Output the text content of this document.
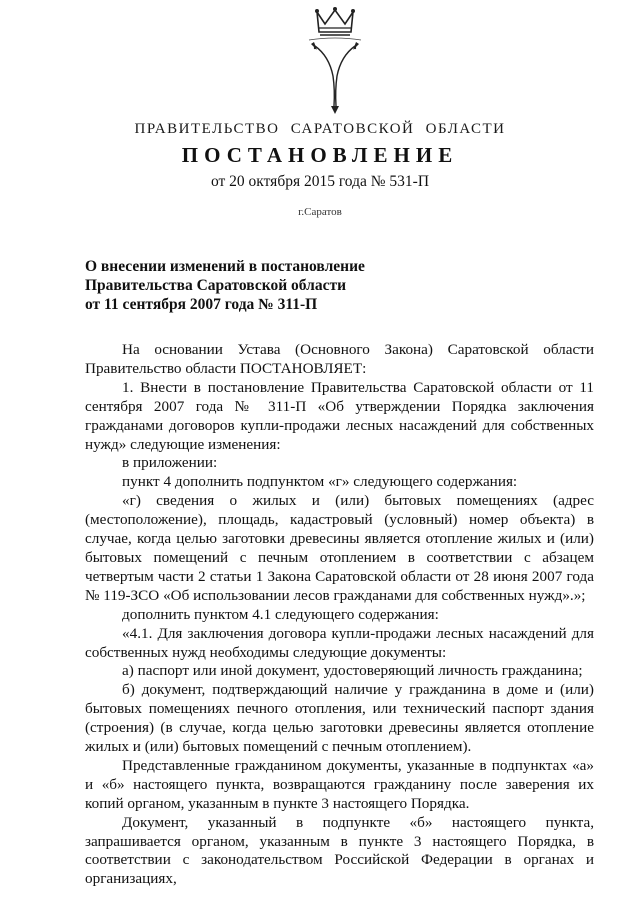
ПРАВИТЕЛЬСТВО САРАТОВСКОЙ ОБЛАСТИ
ПОСТАНОВЛЕНИЕ
от 20 октября 2015 года № 531-П
г.Саратов
О внесении изменений в постановление
Правительства Саратовской области
от 11 сентября 2007 года № 311-П

На основании Устава (Основного Закона) Саратовской области Правительство области ПОСТАНОВЛЯЕТ:

1. Внести в постановление Правительства Саратовской области от 11 сентября 2007 года № 311-П «Об утверждении Порядка заключения гражданами договоров купли-продажи лесных насаждений для собственных нужд» следующие изменения:

в приложении:

пункт 4 дополнить подпунктом «г» следующего содержания:

«г) сведения о жилых и (или) бытовых помещениях (адрес (местоположение), площадь, кадастровый (условный) номер объекта) в случае, когда целью заготовки древесины является отопление жилых и (или) бытовых помещений с печным отоплением в соответствии с абзацем четвертым части 2 статьи 1 Закона Саратовской области от 28 июня 2007 года № 119-ЗСО «Об использовании лесов гражданами для собственных нужд».»;

дополнить пунктом 4.1 следующего содержания:

«4.1. Для заключения договора купли-продажи лесных насаждений для собственных нужд необходимы следующие документы:

а) паспорт или иной документ, удостоверяющий личность гражданина;

б) документ, подтверждающий наличие у гражданина в доме и (или) бытовых помещениях печного отопления, или технический паспорт здания (строения) (в случае, когда целью заготовки древесины является отопление жилых и (или) бытовых помещений с печным отоплением).

Представленные гражданином документы, указанные в подпунктах «а» и «б» настоящего пункта, возвращаются гражданину после заверения их копий органом, указанным в пункте 3 настоящего Порядка.

Документ, указанный в подпункте «б» настоящего пункта, запрашивается органом, указанным в пункте 3 настоящего Порядка, в соответствии с законодательством Российской Федерации в органах и организациях,
